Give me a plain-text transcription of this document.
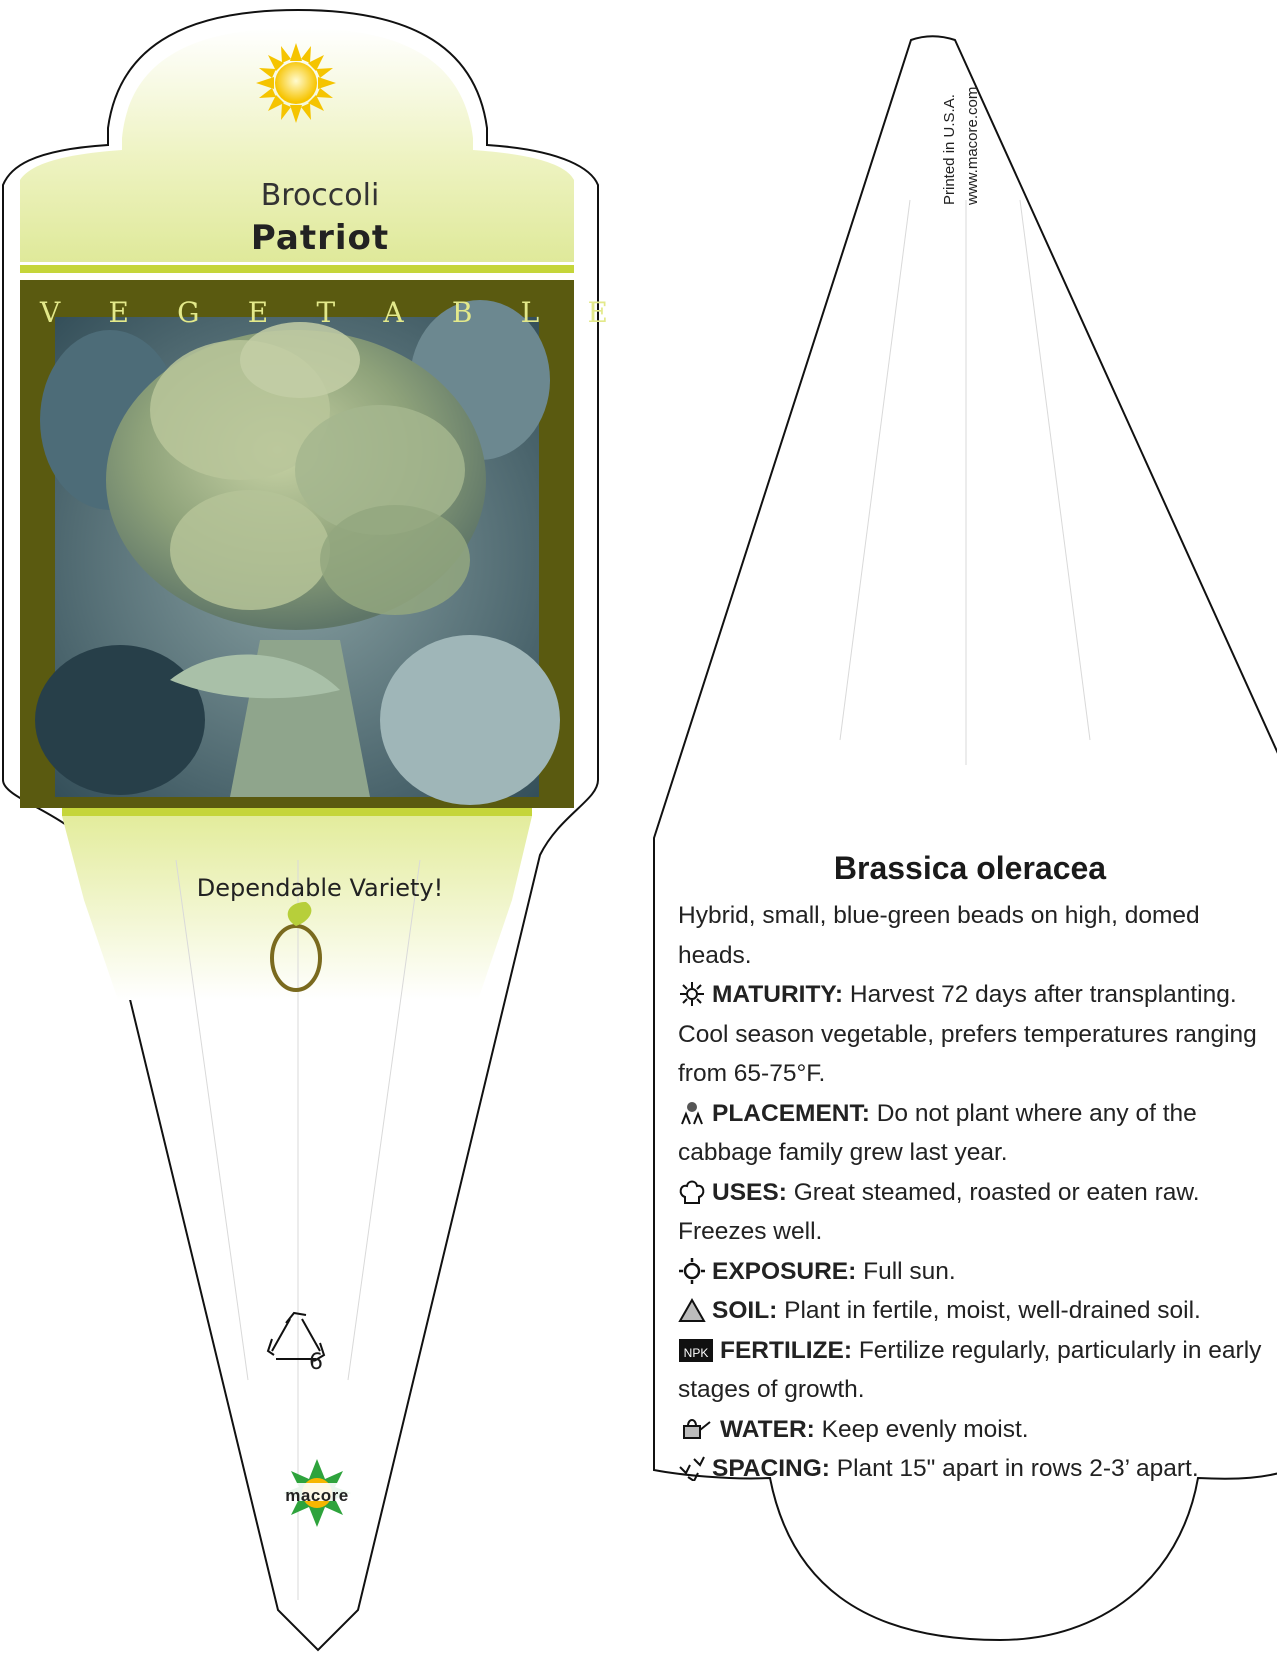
Broccoli
Patriot
V E G E T A B L E
Dependable Variety!
6
macore
Printed in U.S.A. www.macore.com
Brassica oleracea

Hybrid, small, blue-green beads on high, domed heads.

MATURITY: Harvest 72 days after transplanting. Cool season vegetable, prefers temperatures ranging from 65-75°F.

PLACEMENT: Do not plant where any of the cabbage family grew last year.

USES: Great steamed, roasted or eaten raw. Freezes well.

EXPOSURE: Full sun.

SOIL: Plant in fertile, moist, well-drained soil.

NPK FERTILIZE: Fertilize regularly, particularly in early stages of growth.

WATER: Keep evenly moist.

SPACING: Plant 15" apart in rows 2-3’ apart.
